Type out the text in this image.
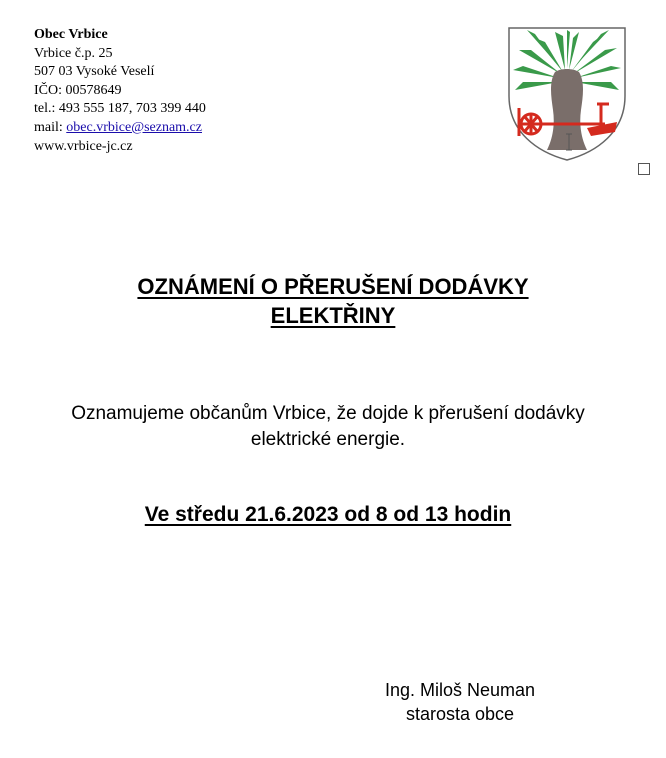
Obec Vrbice
Vrbice č.p. 25
507 03 Vysoké Veselí
IČO: 00578649
tel.: 493 555 187, 703 399 440
mail: obec.vrbice@seznam.cz
www.vrbice-jc.cz
OZNÁMENÍ O PŘERUŠENÍ DODÁVKY
ELEKTŘINY
Oznamujeme občanům Vrbice, že dojde k přerušení dodávky
elektrické energie.
Ve středu 21.6.2023 od 8 od 13 hodin
Ing. Miloš Neuman
starosta obce
